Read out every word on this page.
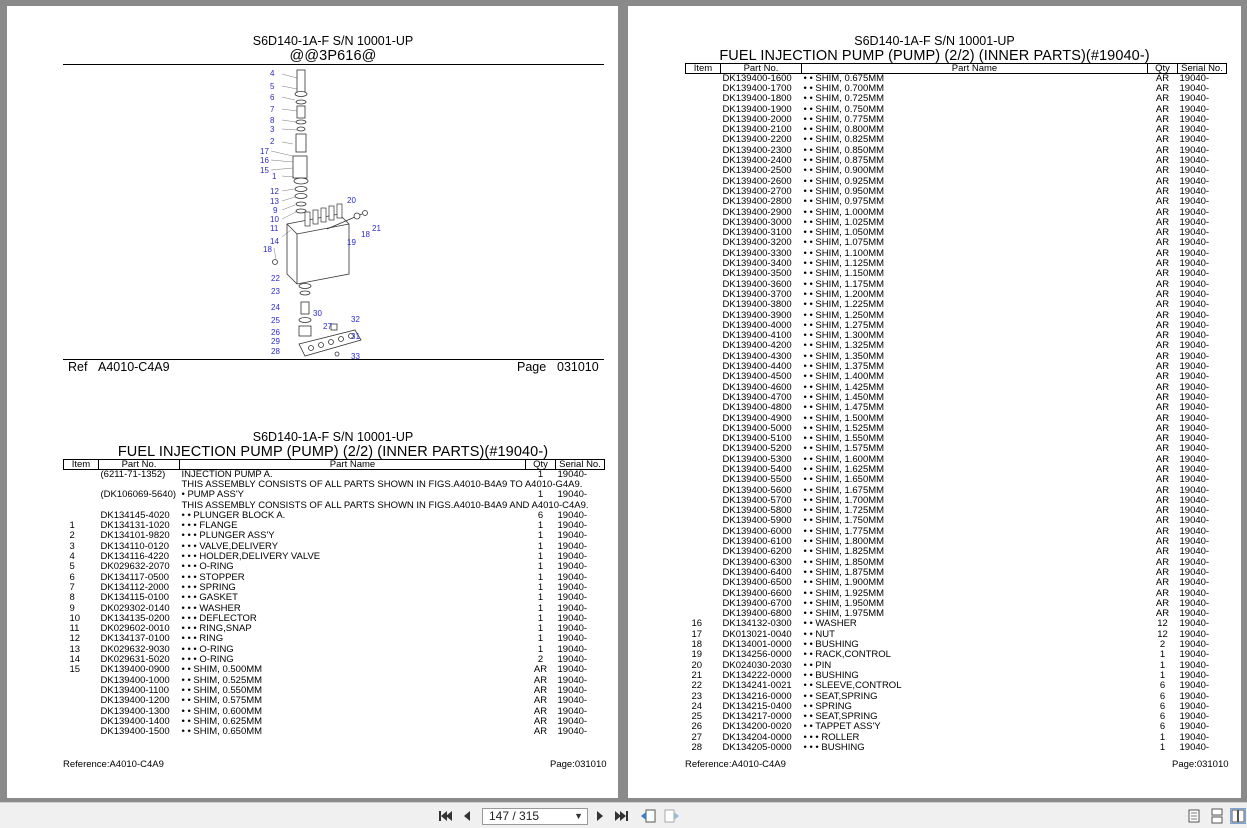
S6D140-1A-F S/N 10001-UP
@@3P616@
4
5
6
7
8
3
2
17
16
15
1
12
13
9
10
11
14
18
20
21
18
19
22
23
24
30
25	32
26
27
29
31
28
33
Ref A4010-C4A9	Page 031010
S6D140-1A-F S/N 10001-UP
FUEL INJECTION PUMP (PUMP) (2/2) (INNER PARTS)(#19040-)
Item	Part No.	Part Name	Qty	Serial No.
	(6211-71-1352)	INJECTION PUMP A.	1	19040-
		THIS ASSEMBLY CONSISTS OF ALL PARTS SHOWN IN FIGS.A4010-B4A9 TO A4010-G4A9.		
	(DK106069-5640)	• PUMP ASS'Y	1	19040-
		THIS ASSEMBLY CONSISTS OF ALL PARTS SHOWN IN FIGS.A4010-B4A9 AND A4010-C4A9.		
	DK134145-4020	• • PLUNGER BLOCK A.	6	19040-
1	DK134131-1020	• • • FLANGE	1	19040-
2	DK134101-9820	• • • PLUNGER ASS'Y	1	19040-
3	DK134110-0120	• • • VALVE,DELIVERY	1	19040-
4	DK134116-4220	• • • HOLDER,DELIVERY VALVE	1	19040-
5	DK029632-2070	• • • O-RING	1	19040-
6	DK134117-0500	• • • STOPPER	1	19040-
7	DK134112-2000	• • • SPRING	1	19040-
8	DK134115-0100	• • • GASKET	1	19040-
9	DK029302-0140	• • • WASHER	1	19040-
10	DK134135-0200	• • • DEFLECTOR	1	19040-
11	DK029602-0010	• • • RING,SNAP	1	19040-
12	DK134137-0100	• • • RING	1	19040-
13	DK029632-9030	• • • O-RING	1	19040-
14	DK029631-5020	• • • O-RING	2	19040-
15	DK139400-0900	• • SHIM, 0.500MM	AR	19040-
	DK139400-1000	• • SHIM, 0.525MM	AR	19040-
	DK139400-1100	• • SHIM, 0.550MM	AR	19040-
	DK139400-1200	• • SHIM, 0.575MM	AR	19040-
	DK139400-1300	• • SHIM, 0.600MM	AR	19040-
	DK139400-1400	• • SHIM, 0.625MM	AR	19040-
	DK139400-1500	• • SHIM, 0.650MM	AR	19040-
Reference:A4010-C4A9	Page:031010
S6D140-1A-F S/N 10001-UP
FUEL INJECTION PUMP (PUMP) (2/2) (INNER PARTS)(#19040-)
Item	Part No.	Part Name	Qty	Serial No.
	DK139400-1600	• • SHIM, 0.675MM	AR	19040-
	DK139400-1700	• • SHIM, 0.700MM	AR	19040-
	DK139400-1800	• • SHIM, 0.725MM	AR	19040-
	DK139400-1900	• • SHIM, 0.750MM	AR	19040-
	DK139400-2000	• • SHIM, 0.775MM	AR	19040-
	DK139400-2100	• • SHIM, 0.800MM	AR	19040-
	DK139400-2200	• • SHIM, 0.825MM	AR	19040-
	DK139400-2300	• • SHIM, 0.850MM	AR	19040-
	DK139400-2400	• • SHIM, 0.875MM	AR	19040-
	DK139400-2500	• • SHIM, 0.900MM	AR	19040-
	DK139400-2600	• • SHIM, 0.925MM	AR	19040-
	DK139400-2700	• • SHIM, 0.950MM	AR	19040-
	DK139400-2800	• • SHIM, 0.975MM	AR	19040-
	DK139400-2900	• • SHIM, 1.000MM	AR	19040-
	DK139400-3000	• • SHIM, 1.025MM	AR	19040-
	DK139400-3100	• • SHIM, 1.050MM	AR	19040-
	DK139400-3200	• • SHIM, 1.075MM	AR	19040-
	DK139400-3300	• • SHIM, 1.100MM	AR	19040-
	DK139400-3400	• • SHIM, 1.125MM	AR	19040-
	DK139400-3500	• • SHIM, 1.150MM	AR	19040-
	DK139400-3600	• • SHIM, 1.175MM	AR	19040-
	DK139400-3700	• • SHIM, 1.200MM	AR	19040-
	DK139400-3800	• • SHIM, 1.225MM	AR	19040-
	DK139400-3900	• • SHIM, 1.250MM	AR	19040-
	DK139400-4000	• • SHIM, 1.275MM	AR	19040-
	DK139400-4100	• • SHIM, 1.300MM	AR	19040-
	DK139400-4200	• • SHIM, 1.325MM	AR	19040-
	DK139400-4300	• • SHIM, 1.350MM	AR	19040-
	DK139400-4400	• • SHIM, 1.375MM	AR	19040-
	DK139400-4500	• • SHIM, 1.400MM	AR	19040-
	DK139400-4600	• • SHIM, 1.425MM	AR	19040-
	DK139400-4700	• • SHIM, 1.450MM	AR	19040-
	DK139400-4800	• • SHIM, 1.475MM	AR	19040-
	DK139400-4900	• • SHIM, 1.500MM	AR	19040-
	DK139400-5000	• • SHIM, 1.525MM	AR	19040-
	DK139400-5100	• • SHIM, 1.550MM	AR	19040-
	DK139400-5200	• • SHIM, 1.575MM	AR	19040-
	DK139400-5300	• • SHIM, 1.600MM	AR	19040-
	DK139400-5400	• • SHIM, 1.625MM	AR	19040-
	DK139400-5500	• • SHIM, 1.650MM	AR	19040-
	DK139400-5600	• • SHIM, 1.675MM	AR	19040-
	DK139400-5700	• • SHIM, 1.700MM	AR	19040-
	DK139400-5800	• • SHIM, 1.725MM	AR	19040-
	DK139400-5900	• • SHIM, 1.750MM	AR	19040-
	DK139400-6000	• • SHIM, 1.775MM	AR	19040-
	DK139400-6100	• • SHIM, 1.800MM	AR	19040-
	DK139400-6200	• • SHIM, 1.825MM	AR	19040-
	DK139400-6300	• • SHIM, 1.850MM	AR	19040-
	DK139400-6400	• • SHIM, 1.875MM	AR	19040-
	DK139400-6500	• • SHIM, 1.900MM	AR	19040-
	DK139400-6600	• • SHIM, 1.925MM	AR	19040-
	DK139400-6700	• • SHIM, 1.950MM	AR	19040-
	DK139400-6800	• • SHIM, 1.975MM	AR	19040-
16	DK134132-0300	• • WASHER	12	19040-
17	DK013021-0040	• • NUT	12	19040-
18	DK134001-0000	• • BUSHING	2	19040-
19	DK134256-0000	• • RACK,CONTROL	1	19040-
20	DK024030-2030	• • PIN	1	19040-
21	DK134222-0000	• • BUSHING	1	19040-
22	DK134241-0021	• • SLEEVE,CONTROL	6	19040-
23	DK134216-0000	• • SEAT,SPRING	6	19040-
24	DK134215-0400	• • SPRING	6	19040-
25	DK134217-0000	• • SEAT,SPRING	6	19040-
26	DK134200-0020	• • TAPPET ASS'Y	6	19040-
27	DK134204-0000	• • • ROLLER	1	19040-
28	DK134205-0000	• • • BUSHING	1	19040-
Reference:A4010-C4A9	Page:031010
147 / 315	▼
